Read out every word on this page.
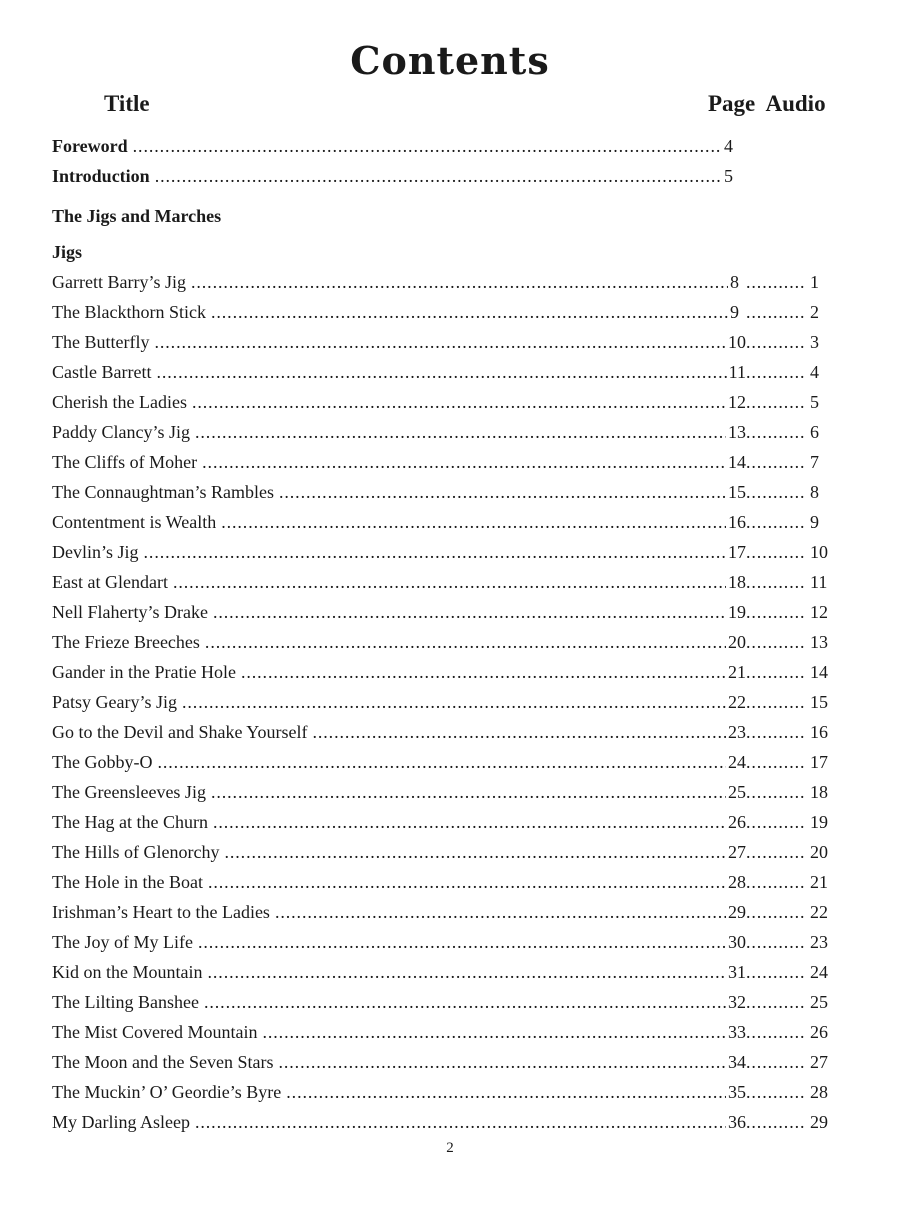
Contents
Title	Page  Audio
Foreword . . .	4
Introduction . . .	5
The Jigs and Marches
Jigs
Garrett Barry’s Jig . . .	8 . . .	1
The Blackthorn Stick . . .	9 . . .	2
The Butterfly . . .	10 . . .	3
Castle Barrett . . .	11 . . .	4
Cherish the Ladies . . .	12 . . .	5
Paddy Clancy’s Jig . . .	13 . . .	6
The Cliffs of Moher . . .	14 . . .	7
The Connaughtman’s Rambles . . .	15 . . .	8
Contentment is Wealth . . .	16 . . .	9
Devlin’s Jig . . .	17 . . .	10
East at Glendart . . .	18 . . .	11
Nell Flaherty’s Drake . . .	19 . . .	12
The Frieze Breeches . . .	20 . . .	13
Gander in the Pratie Hole . . .	21 . . .	14
Patsy Geary’s Jig . . .	22 . . .	15
Go to the Devil and Shake Yourself . . .	23 . . .	16
The Gobby-O . . .	24 . . .	17
The Greensleeves Jig . . .	25 . . .	18
The Hag at the Churn . . .	26 . . .	19
The Hills of Glenorchy . . .	27 . . .	20
The Hole in the Boat . . .	28 . . .	21
Irishman’s Heart to the Ladies . . .	29 . . .	22
The Joy of My Life . . .	30 . . .	23
Kid on the Mountain . . .	31 . . .	24
The Lilting Banshee . . .	32 . . .	25
The Mist Covered Mountain . . .	33 . . .	26
The Moon and the Seven Stars . . .	34 . . .	27
The Muckin’ O’ Geordie’s Byre . . .	35 . . .	28
My Darling Asleep . . .	36 . . .	29
2
